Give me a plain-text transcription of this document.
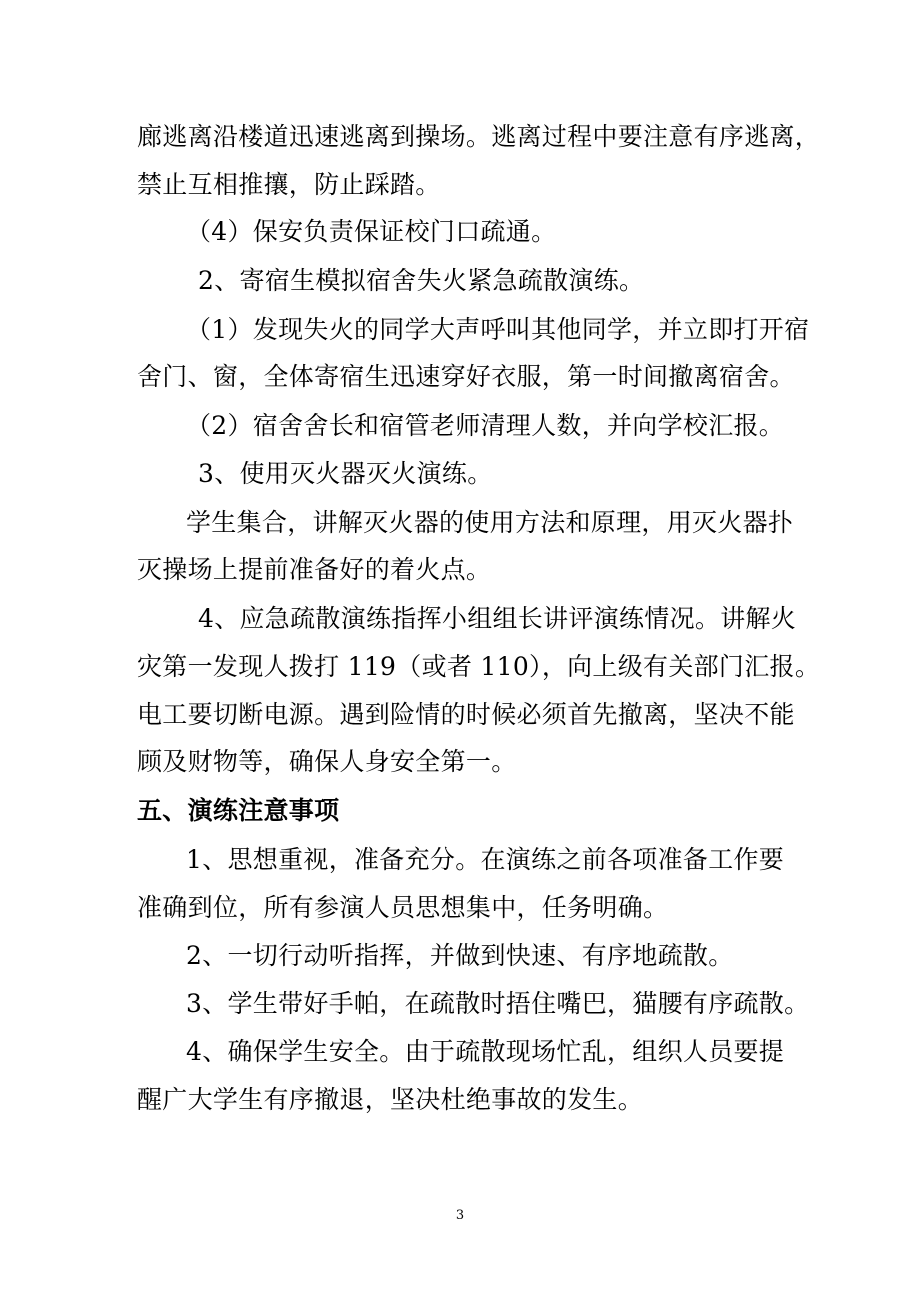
廊逃离沿楼道迅速逃离到操场。逃离过程中要注意有序逃离，
禁止互相推攘，防止踩踏。
（4）保安负责保证校门口疏通。
2、寄宿生模拟宿舍失火紧急疏散演练。
（1）发现失火的同学大声呼叫其他同学，并立即打开宿
舍门、窗，全体寄宿生迅速穿好衣服，第一时间撤离宿舍。
（2）宿舍舍长和宿管老师清理人数，并向学校汇报。
3、使用灭火器灭火演练。
学生集合，讲解灭火器的使用方法和原理，用灭火器扑
灭操场上提前准备好的着火点。
4、应急疏散演练指挥小组组长讲评演练情况。讲解火
灾第一发现人拨打 119（或者 110），向上级有关部门汇报。
电工要切断电源。遇到险情的时候必须首先撤离，坚决不能
顾及财物等，确保人身安全第一。
五、演练注意事项
1、思想重视，准备充分。在演练之前各项准备工作要
准确到位，所有参演人员思想集中，任务明确。
2、一切行动听指挥，并做到快速、有序地疏散。
3、学生带好手帕，在疏散时捂住嘴巴，猫腰有序疏散。
4、确保学生安全。由于疏散现场忙乱，组织人员要提
醒广大学生有序撤退，坚决杜绝事故的发生。
3
